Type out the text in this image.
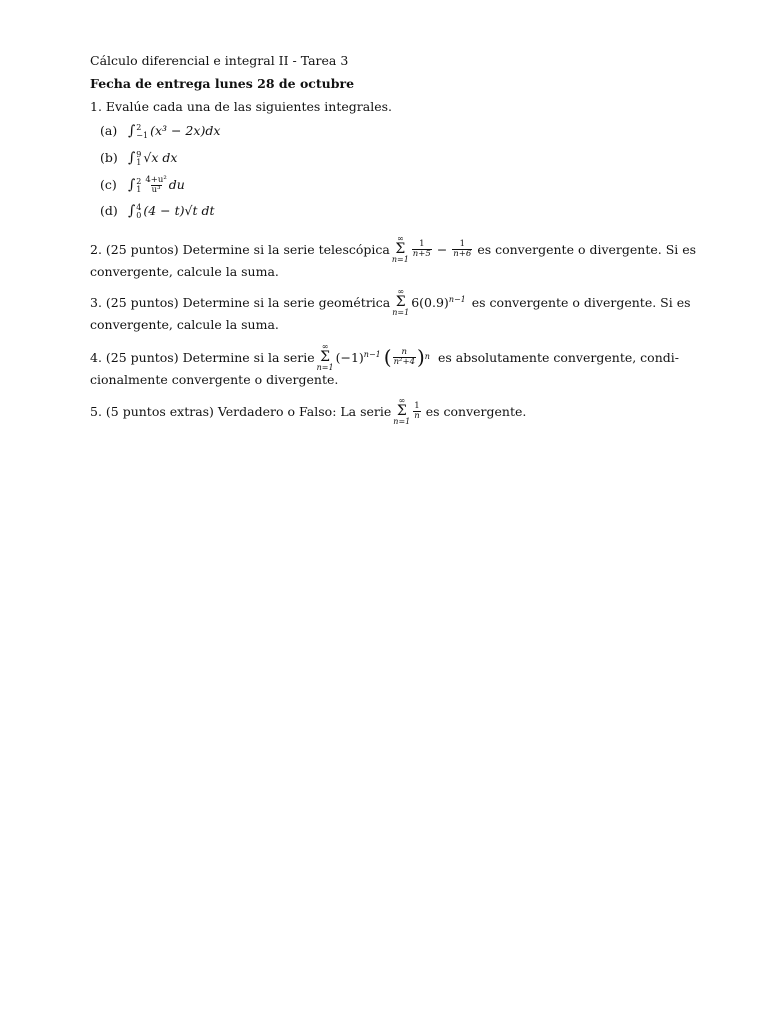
Cálculo diferencial e integral II - Tarea 3
Fecha de entrega lunes 28 de octubre
1. Evalúe cada una de las siguientes integrales.
(a) ∫ 2
−1 (x³ − 2x)dx
(b) ∫ 9
1 √x dx
(c) ∫ 2
$1 \frac{\text{4+u²}}{\text{u³}}$ du
(d) ∫ 4
0 (4 − t)√t dt
2. (25 puntos) Determine si la serie telescópica
∞
Σ
n=1
$\frac{1}{n+5} - \frac{1}{n+6}$ es convergente o divergente. Si es
convergente, calcule la suma.
3. (25 puntos) Determine si la serie geométrica
∞
Σ
n=1
$6(0.9)^{n-1}$ es convergente o divergente. Si es
convergente, calcule la suma.
4. (25 puntos) Determine si la serie
∞
Σ
n=1
$(-1)^{n-1}$ ( $\frac{n}{\text{n²+4}}$ ) n es absolutamente convergente, condi-
cionalmente convergente o divergente.
5. (5 puntos extras) Verdadero o Falso: La serie
∞
Σ
n=1
$\frac{1}{n}$ es convergente.
